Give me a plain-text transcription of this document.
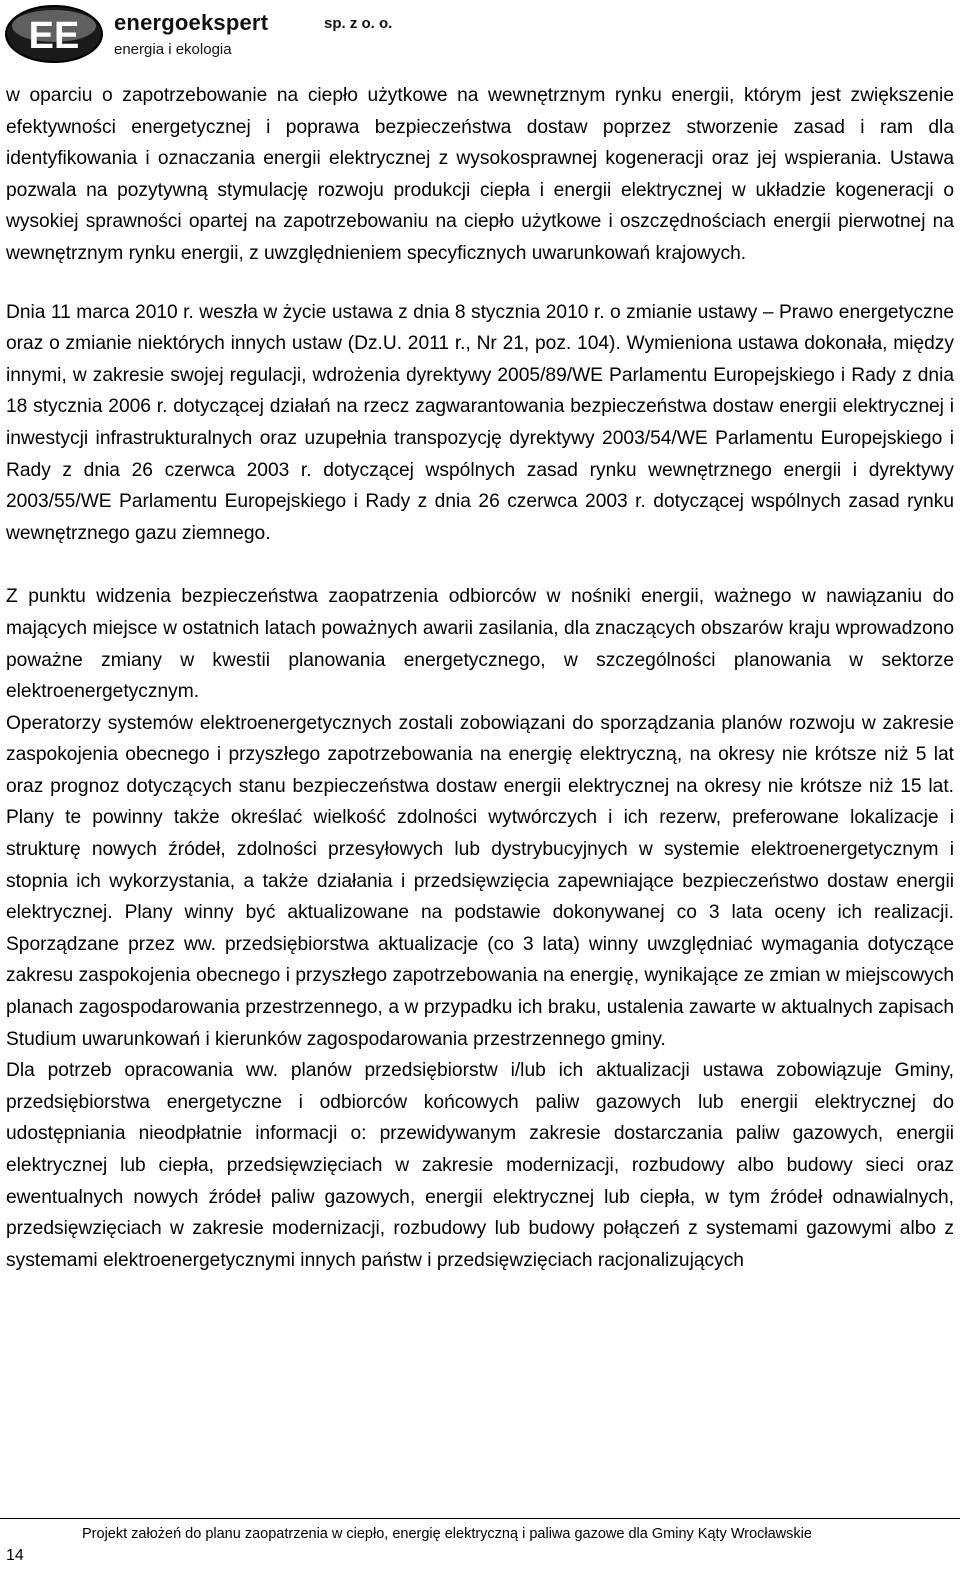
EE energoekspert	sp. z o. o.
energia i ekologia

w oparciu o zapotrzebowanie na ciepło użytkowe na wewnętrznym rynku energii, którym jest zwiększenie efektywności energetycznej i poprawa bezpieczeństwa dostaw poprzez stworzenie zasad i ram dla identyfikowania i oznaczania energii elektrycznej z wysokosprawnej kogeneracji oraz jej wspierania. Ustawa pozwala na pozytywną stymulację rozwoju produkcji ciepła i energii elektrycznej w układzie kogeneracji o wysokiej sprawności opartej na zapotrzebowaniu na ciepło użytkowe i oszczędnościach energii pierwotnej na wewnętrznym rynku energii, z uwzględnieniem specyficznych uwarunkowań krajowych.

Dnia 11 marca 2010 r. weszła w życie ustawa z dnia 8 stycznia 2010 r. o zmianie ustawy – Prawo energetyczne oraz o zmianie niektórych innych ustaw (Dz.U. 2011 r., Nr 21, poz. 104). Wymieniona ustawa dokonała, między innymi, w zakresie swojej regulacji, wdrożenia dyrektywy 2005/89/WE Parlamentu Europejskiego i Rady z dnia 18 stycznia 2006 r. dotyczącej działań na rzecz zagwarantowania bezpieczeństwa dostaw energii elektrycznej i inwestycji infrastrukturalnych oraz uzupełnia transpozycję dyrektywy 2003/54/WE Parlamentu Europejskiego i Rady z dnia 26 czerwca 2003 r. dotyczącej wspólnych zasad rynku wewnętrznego energii i dyrektywy 2003/55/WE Parlamentu Europejskiego i Rady z dnia 26 czerwca 2003 r. dotyczącej wspólnych zasad rynku wewnętrznego gazu ziemnego.

Z punktu widzenia bezpieczeństwa zaopatrzenia odbiorców w nośniki energii, ważnego w nawiązaniu do mających miejsce w ostatnich latach poważnych awarii zasilania, dla znaczących obszarów kraju wprowadzono poważne zmiany w kwestii planowania energetycznego, w szczególności planowania w sektorze elektroenergetycznym.

Operatorzy systemów elektroenergetycznych zostali zobowiązani do sporządzania planów rozwoju w zakresie zaspokojenia obecnego i przyszłego zapotrzebowania na energię elektryczną, na okresy nie krótsze niż 5 lat oraz prognoz dotyczących stanu bezpieczeństwa dostaw energii elektrycznej na okresy nie krótsze niż 15 lat. Plany te powinny także określać wielkość zdolności wytwórczych i ich rezerw, preferowane lokalizacje i strukturę nowych źródeł, zdolności przesyłowych lub dystrybucyjnych w systemie elektroenergetycznym i stopnia ich wykorzystania, a także działania i przedsięwzięcia zapewniające bezpieczeństwo dostaw energii elektrycznej. Plany winny być aktualizowane na podstawie dokonywanej co 3 lata oceny ich realizacji. Sporządzane przez ww. przedsiębiorstwa aktualizacje (co 3 lata) winny uwzględniać wymagania dotyczące zakresu zaspokojenia obecnego i przyszłego zapotrzebowania na energię, wynikające ze zmian w miejscowych planach zagospodarowania przestrzennego, a w przypadku ich braku, ustalenia zawarte w aktualnych zapisach Studium uwarunkowań i kierunków zagospodarowania przestrzennego gminy.

Dla potrzeb opracowania ww. planów przedsiębiorstw i/lub ich aktualizacji ustawa zobowiązuje Gminy, przedsiębiorstwa energetyczne i odbiorców końcowych paliw gazowych lub energii elektrycznej do udostępniania nieodpłatnie informacji o: przewidywanym zakresie dostarczania paliw gazowych, energii elektrycznej lub ciepła, przedsięwzięciach w zakresie modernizacji, rozbudowy albo budowy sieci oraz ewentualnych nowych źródeł paliw gazowych, energii elektrycznej lub ciepła, w tym źródeł odnawialnych, przedsięwzięciach w zakresie modernizacji, rozbudowy lub budowy połączeń z systemami gazowymi albo z systemami elektroenergetycznymi innych państw i przedsięwzięciach racjonalizujących

Projekt założeń do planu zaopatrzenia w ciepło, energię elektryczną i paliwa gazowe dla Gminy Kąty Wrocławskie
14
